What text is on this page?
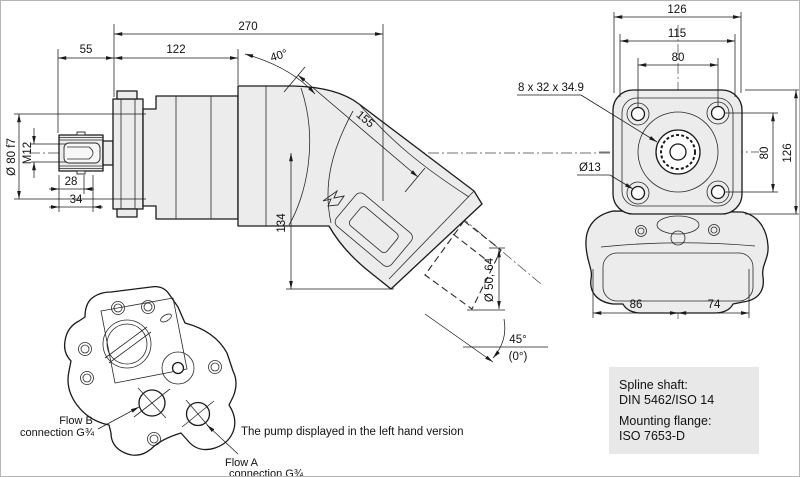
270
55	122	40°
155
Ø 80 f7 M12
28
34
134
Ø 50, 64
45°
(0°)
126
115
80
80 126
86	74
8 x 32 x 34.9
Ø13
Flow B
connection G¾
Flow A
connection G¾
The pump displayed in the left hand version
Spline shaft:
DIN 5462/ISO 14
Mounting flange:
ISO 7653-D
